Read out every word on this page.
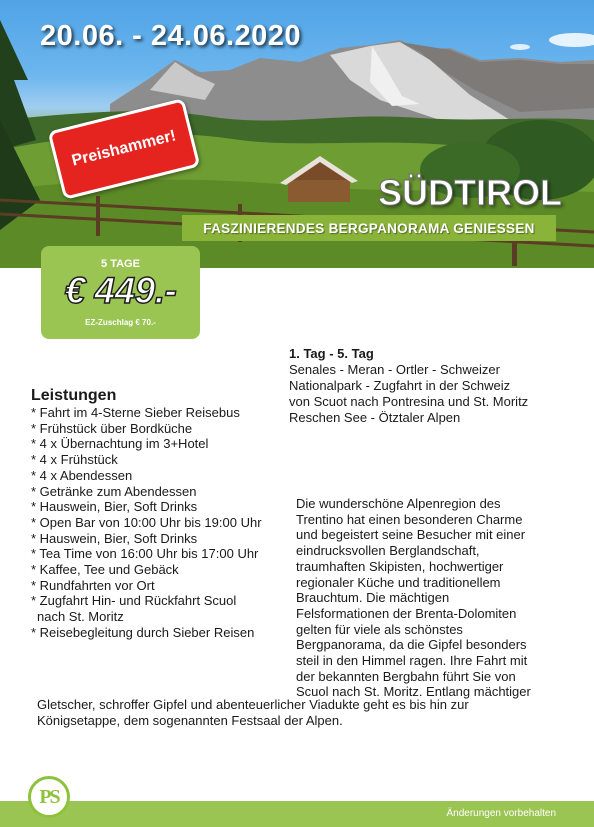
20.06. - 24.06.2020
Preishammer!
SÜDTIROL
FASZINIERENDES BERGPANORAMA GENIESSEN
5 TAGE
€ 449.-
EZ-Zuschlag € 70.-

1. Tag - 5. Tag

Senales - Meran - Ortler - Schweizer
Nationalpark - Zugfahrt in der Schweiz
von Scuot nach Pontresina und St. Moritz
Reschen See - Ötztaler Alpen

Leistungen
* Fahrt im 4-Sterne Sieber Reisebus
* Frühstück über Bordküche
* 4 x Übernachtung im 3+Hotel
* 4 x Frühstück
* 4 x Abendessen
* Getränke zum Abendessen
* Hauswein, Bier, Soft Drinks
* Open Bar von 10:00 Uhr bis 19:00 Uhr
* Hauswein, Bier, Soft Drinks
* Tea Time von 16:00 Uhr bis 17:00 Uhr
* Kaffee, Tee und Gebäck
* Rundfahrten vor Ort
* Zugfahrt Hin- und Rückfahrt Scuol
nach St. Moritz
* Reisebegleitung durch Sieber Reisen

Die wunderschöne Alpenregion des
Trentino hat einen besonderen Charme
und begeistert seine Besucher mit einer
eindrucksvollen Berglandschaft,
traumhaften Skipisten, hochwertiger
regionaler Küche und traditionellem
Brauchtum. Die mächtigen
Felsformationen der Brenta-Dolomiten
gelten für viele als schönstes
Bergpanorama, da die Gipfel besonders
steil in den Himmel ragen. Ihre Fahrt mit
der bekannten Bergbahn führt Sie von
Scuol nach St. Moritz. Entlang mächtiger

Gletscher, schroffer Gipfel und abenteuerlicher Viadukte geht es bis hin zur
Königsetappe, dem sogenannten Festsaal der Alpen.

Änderungen vorbehalten
PS
